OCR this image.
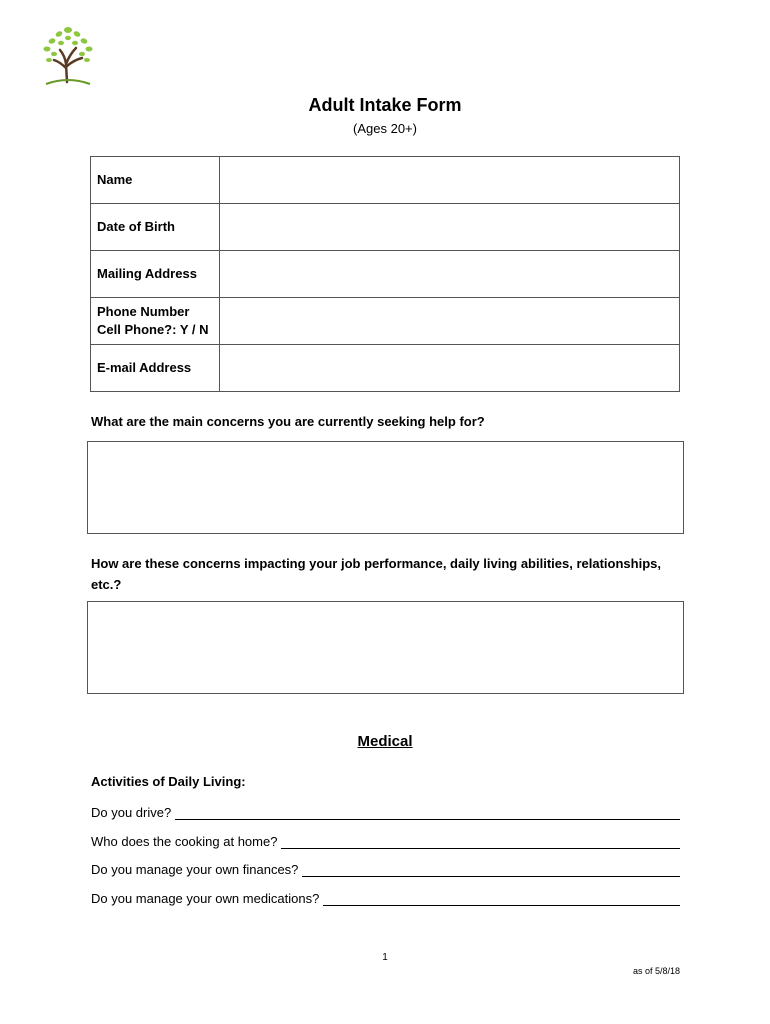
Adult Intake Form
(Ages 20+)
Name	
Date of Birth	
Mailing Address	

Phone Number
Cell Phone?: Y / N	

E-mail Address	
What are the main concerns you are currently seeking help for?
How are these concerns impacting your job performance, daily living abilities, relationships, etc.?
Medical
Activities of Daily Living:
Do you drive?
Who does the cooking at home?
Do you manage your own finances?
Do you manage your own medications?
1
as of 5/8/18
